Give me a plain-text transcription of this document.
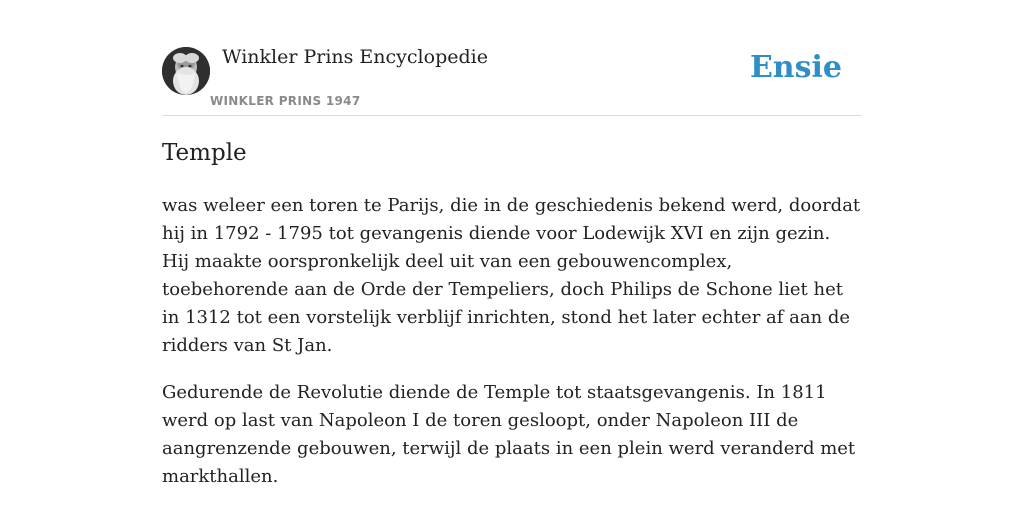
Winkler Prins Encyclopedie
WINKLER PRINS 1947
Ensie
Temple

was weleer een toren te Parijs, die in de geschiedenis bekend werd, doordat hij in 1792 - 1795 tot gevangenis diende voor Lodewijk XVI en zijn gezin. Hij maakte oorspronkelijk deel uit van een gebouwencomplex, toebehorende aan de Orde der Tempeliers, doch Philips de Schone liet het in 1312 tot een vorstelijk verblijf inrichten, stond het later echter af aan de ridders van St Jan.

Gedurende de Revolutie diende de Temple tot staatsgevangenis. In 1811 werd op last van Napoleon I de toren gesloopt, onder Napoleon III de aangrenzende gebouwen, terwijl de plaats in een plein werd veranderd met markthallen.
